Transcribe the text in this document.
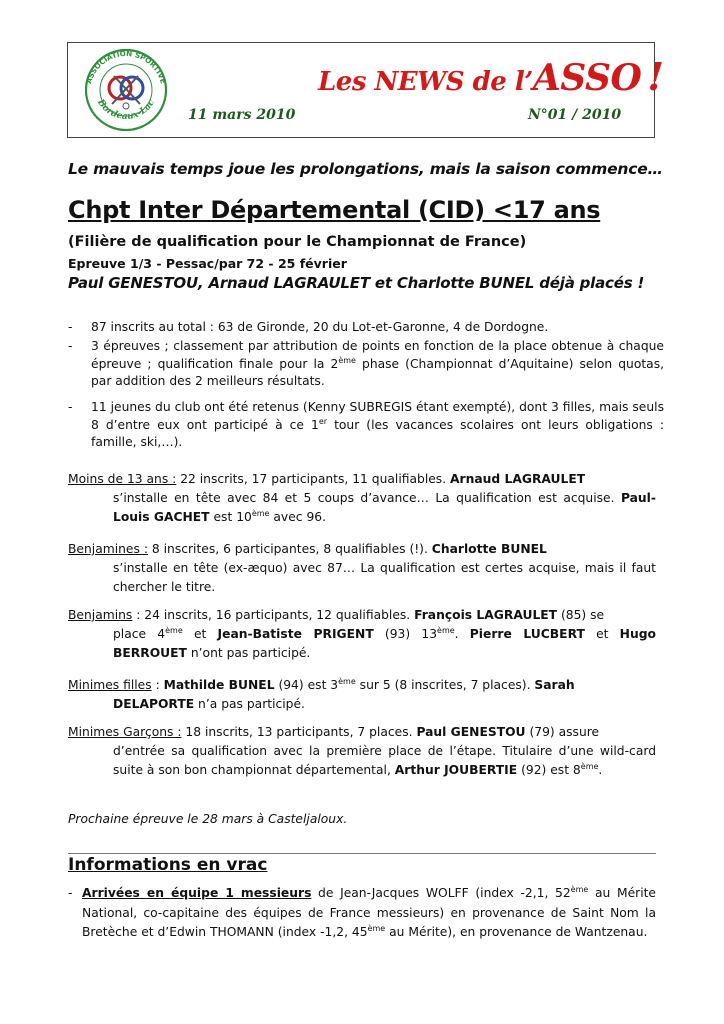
ASSOCIATION SPORTIVE
Bordeaux-Lac
Les NEWS de l’ASSO !
11 mars 2010	N°01 / 2010
Le mauvais temps joue les prolongations, mais la saison commence…
Chpt Inter Départemental (CID) <17 ans
(Filière de qualification pour le Championnat de France)
Epreuve 1/3 - Pessac/par 72 - 25 février
Paul GENESTOU, Arnaud LAGRAULET et Charlotte BUNEL déjà placés !
- 87 inscrits au total : 63 de Gironde, 20 du Lot-et-Garonne, 4 de Dordogne.
- 3 épreuves ; classement par attribution de points en fonction de la place obtenue à chaque épreuve ; qualification finale pour la 2ème phase (Championnat d’Aquitaine) selon quotas, par addition des 2 meilleurs résultats.
- 11 jeunes du club ont été retenus (Kenny SUBREGIS étant exempté), dont 3 filles, mais seuls 8 d’entre eux ont participé à ce 1er tour (les vacances scolaires ont leurs obligations : famille, ski,…).
Moins de 13 ans : 22 inscrits, 17 participants, 11 qualifiables. Arnaud LAGRAULET
s’installe en tête avec 84 et 5 coups d’avance… La qualification est acquise. Paul-Louis GACHET est 10ème avec 96.
Benjamines : 8 inscrites, 6 participantes, 8 qualifiables (!). Charlotte BUNEL
s’installe en tête (ex-æquo) avec 87… La qualification est certes acquise, mais il faut chercher le titre.
Benjamins : 24 inscrits, 16 participants, 12 qualifiables. François LAGRAULET (85) se
place 4ème et Jean-Batiste PRIGENT (93) 13ème. Pierre LUCBERT et Hugo BERROUET n’ont pas participé.
Minimes filles : Mathilde BUNEL (94) est 3ème sur 5 (8 inscrites, 7 places). Sarah
DELAPORTE n’a pas participé.
Minimes Garçons : 18 inscrits, 13 participants, 7 places. Paul GENESTOU (79) assure
d’entrée sa qualification avec la première place de l’étape. Titulaire d’une wild-card suite à son bon championnat départemental, Arthur JOUBERTIE (92) est 8ème.
Prochaine épreuve le 28 mars à Casteljaloux.
Informations en vrac
- Arrivées en équipe 1 messieurs de Jean-Jacques WOLFF (index -2,1, 52ème au Mérite National, co-capitaine des équipes de France messieurs) en provenance de Saint Nom la Bretèche et d’Edwin THOMANN (index -1,2, 45ème au Mérite), en provenance de Wantzenau.
